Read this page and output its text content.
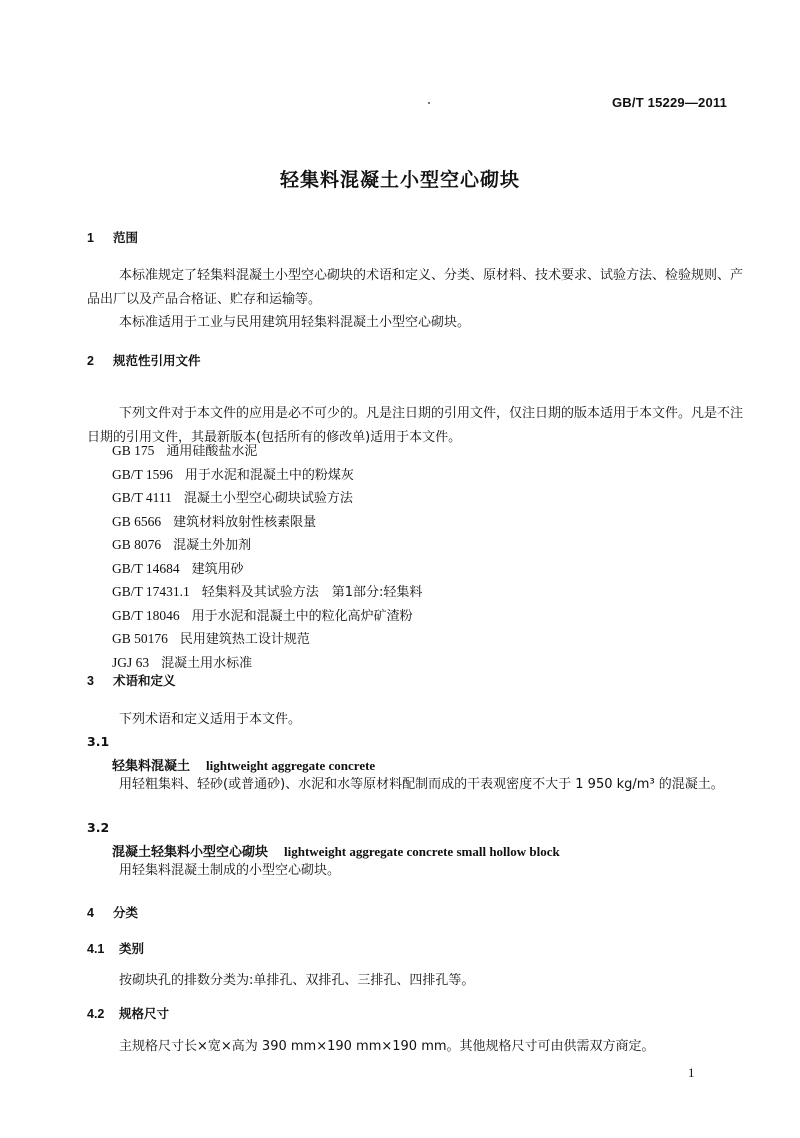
GB/T 15229—2011
轻集料混凝土小型空心砌块
1 范围
本标准规定了轻集料混凝土小型空心砌块的术语和定义、分类、原材料、技术要求、试验方法、检验规则、产品出厂以及产品合格证、贮存和运输等。
本标准适用于工业与民用建筑用轻集料混凝土小型空心砌块。
2 规范性引用文件
下列文件对于本文件的应用是必不可少的。凡是注日期的引用文件，仅注日期的版本适用于本文件。凡是不注日期的引用文件，其最新版本(包括所有的修改单)适用于本文件。
GB 175 通用硅酸盐水泥
GB/T 1596 用于水泥和混凝土中的粉煤灰
GB/T 4111 混凝土小型空心砌块试验方法
GB 6566 建筑材料放射性核素限量
GB 8076 混凝土外加剂
GB/T 14684 建筑用砂
GB/T 17431.1 轻集料及其试验方法　第1部分:轻集料
GB/T 18046 用于水泥和混凝土中的粒化高炉矿渣粉
GB 50176 民用建筑热工设计规范
JGJ 63 混凝土用水标准
3 术语和定义
下列术语和定义适用于本文件。
3.1
轻集料混凝土 lightweight aggregate concrete
用轻粗集料、轻砂(或普通砂)、水泥和水等原材料配制而成的干表观密度不大于 1 950 kg/m³ 的混凝土。
3.2
混凝土轻集料小型空心砌块 lightweight aggregate concrete small hollow block
用轻集料混凝土制成的小型空心砌块。
4 分类
4.1 类别
按砌块孔的排数分类为:单排孔、双排孔、三排孔、四排孔等。
4.2 规格尺寸
主规格尺寸长×宽×高为 390 mm×190 mm×190 mm。其他规格尺寸可由供需双方商定。
1
